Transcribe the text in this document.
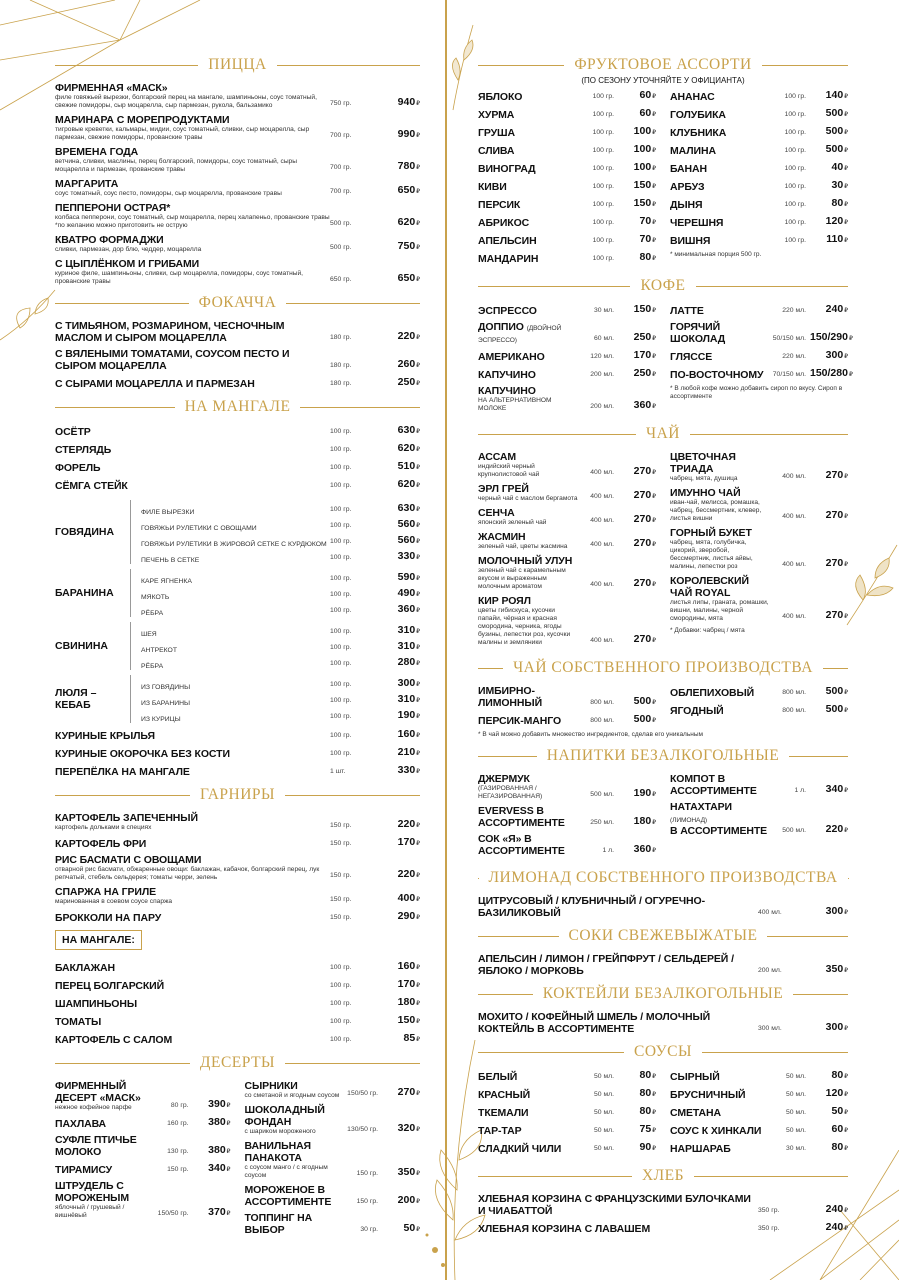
ПИЦЦА
ФИРМЕННАЯ «МАСК»
филе говяжьей вырезки, болгарский перец на мангале, шампиньоны, соус томатный, свежие помидоры, сыр моцарелла, сыр пармезан, рукола, бальзамико	750 гр.	940₽
МАРИНАРА С МОРЕПРОДУКТАМИ
тигровые креветки, кальмары, мидии, соус томатный, сливки, сыр моцарелла, сыр пармезан, свежие помидоры, прованские травы	700 гр.	990₽
ВРЕМЕНА ГОДА
ветчина, сливки, маслины, перец болгарский, помидоры, соус томатный, сыры моцарелла и пармезан, прованские травы	700 гр.	780₽
МАРГАРИТА
соус томатный, соус песто, помидоры, сыр моцарелла, прованские травы	700 гр.	650₽
ПЕППЕРОНИ ОСТРАЯ*
колбаса пепперони, соус томатный, сыр моцарелла, перец халапеньо, прованские травы *по желанию можно приготовить не острую	500 гр.	620₽
КВАТРО ФОРМАДЖИ
сливки, пармезан, дор блю, чеддер, моцарелла	500 гр.	750₽
С ЦЫПЛЁНКОМ И ГРИБАМИ
куриное филе, шампиньоны, сливки, сыр моцарелла, помидоры, соус томатный, прованские травы	650 гр.	650₽
ФОКАЧЧА
С ТИМЬЯНОМ, РОЗМАРИНОМ, ЧЕСНОЧНЫМ МАСЛОМ И СЫРОМ МОЦАРЕЛЛА	180 гр.	220₽
С ВЯЛЕНЫМИ ТОМАТАМИ, СОУСОМ ПЕСТО И СЫРОМ МОЦАРЕЛЛА	180 гр.	260₽
С СЫРАМИ МОЦАРЕЛЛА И ПАРМЕЗАН	180 гр.	250₽
НА МАНГАЛЕ
ОСЁТР	100 гр.	630₽
СТЕРЛЯДЬ	100 гр.	620₽
ФОРЕЛЬ	100 гр.	510₽
СЁМГА СТЕЙК	100 гр.	620₽
ГОВЯДИНА
ФИЛЕ ВЫРЕЗКИ	100 гр.	630₽
ГОВЯЖЬИ РУЛЕТИКИ С ОВОЩАМИ	100 гр.	560₽
ГОВЯЖЬИ РУЛЕТИКИ В ЖИРОВОЙ СЕТКЕ С КУРДЮКОМ 100 гр.	560₽
ПЕЧЕНЬ В СЕТКЕ	100 гр.	330₽
БАРАНИНА
КАРЕ ЯГНЕНКА	100 гр.	590₽
МЯКОТЬ	100 гр.	490₽
РЁБРА	100 гр.	360₽
СВИНИНА
ШЕЯ	100 гр.	310₽
АНТРЕКОТ	100 гр.	310₽
РЁБРА	100 гр.	280₽
ЛЮЛЯ – КЕБАБ
ИЗ ГОВЯДИНЫ	100 гр.	300₽
ИЗ БАРАНИНЫ	100 гр.	310₽
ИЗ КУРИЦЫ	100 гр.	190₽
КУРИНЫЕ КРЫЛЬЯ	100 гр.	160₽
КУРИНЫЕ ОКОРОЧКА БЕЗ КОСТИ	100 гр.	210₽
ПЕРЕПЁЛКА НА МАНГАЛЕ	1 шт.	330₽
ГАРНИРЫ
КАРТОФЕЛЬ ЗАПЕЧЕННЫЙ
картофель дольками в специях	150 гр.	220₽
КАРТОФЕЛЬ ФРИ	150 гр.	170₽
РИС БАСМАТИ С ОВОЩАМИ
отварной рис басмати, обжаренные овощи: баклажан, кабачок, болгарский перец, лук репчатый, стебель сельдерея; томаты черри, зелень	150 гр.	220₽
СПАРЖА НА ГРИЛЕ
маринованная в соевом соусе спаржа	150 гр.	400₽
БРОККОЛИ НА ПАРУ	150 гр.	290₽
НА МАНГАЛЕ:
БАКЛАЖАН	100 гр.	160₽
ПЕРЕЦ БОЛГАРСКИЙ	100 гр.	170₽
ШАМПИНЬОНЫ	100 гр.	180₽
ТОМАТЫ	100 гр.	150₽
КАРТОФЕЛЬ С САЛОМ	100 гр.	85₽
ДЕСЕРТЫ
ФИРМЕННЫЙ ДЕСЕРТ «МАСК»
нежное кофейное парфе	80 гр.	390₽
ПАХЛАВА	160 гр.	380₽
СУФЛЕ ПТИЧЬЕ МОЛОКО	130 гр.	380₽
ТИРАМИСУ	150 гр.	340₽
ШТРУДЕЛЬ С МОРОЖЕНЫМ
яблочный / грушевый / вишнёвый	150/50 гр.	370₽
СЫРНИКИ
со сметаной и ягодным соусом	150/50 гр.	270₽
ШОКОЛАДНЫЙ ФОНДАН
с шариком мороженого	130/50 гр.	320₽
ВАНИЛЬНАЯ ПАНАКОТА
с соусом манго / с ягодным соусом	150 гр.	350₽
МОРОЖЕНОЕ В АССОРТИМЕНТЕ	150 гр.	200₽
ТОППИНГ НА ВЫБОР	30 гр.	50₽
ФРУКТОВОЕ АССОРТИ
(ПО СЕЗОНУ УТОЧНЯЙТЕ У ОФИЦИАНТА)
ЯБЛОКО	100 гр.	60₽
ХУРМА	100 гр.	60₽
ГРУША	100 гр.	100₽
СЛИВА	100 гр.	100₽
ВИНОГРАД	100 гр.	100₽
КИВИ	100 гр.	150₽
ПЕРСИК	100 гр.	150₽
АБРИКОС	100 гр.	70₽
АПЕЛЬСИН	100 гр.	70₽
МАНДАРИН	100 гр.	80₽
АНАНАС	100 гр.	140₽
ГОЛУБИКА	100 гр.	500₽
КЛУБНИКА	100 гр.	500₽
МАЛИНА	100 гр.	500₽
БАНАН	100 гр.	40₽
АРБУЗ	100 гр.	30₽
ДЫНЯ	100 гр.	80₽
ЧЕРЕШНЯ	100 гр.	120₽
ВИШНЯ	100 гр.	110₽
* минимальная порция 500 гр.
КОФЕ
ЭСПРЕССО	30 мл.	150₽
ДОППИО (ДВОЙНОЙ ЭСПРЕССО)	60 мл.	250₽
АМЕРИКАНО	120 мл.	170₽
КАПУЧИНО	200 мл.	250₽
КАПУЧИНО
НА АЛЬТЕРНАТИВНОМ МОЛОКЕ	200 мл.	360₽
ЛАТТЕ	220 мл.	240₽
ГОРЯЧИЙ ШОКОЛАД	50/150 мл. 150/290₽
ГЛЯССЕ	220 мл.	300₽
ПО-ВОСТОЧНОМУ	70/150 мл. 150/280₽
* В любой кофе можно добавить сироп по вкусу. Сироп в ассортименте
ЧАЙ
АССАМ
индийский черный крупнолистовой чай	400 мл.	270₽
ЭРЛ ГРЕЙ
черный чай с маслом бергамота	400 мл.	270₽
СЕНЧА
японский зеленый чай	400 мл.	270₽
ЖАСМИН
зеленый чай, цветы жасмина	400 мл.	270₽
МОЛОЧНЫЙ УЛУН
зеленый чай с карамельным вкусом и выраженным молочным ароматом	400 мл.	270₽
КИР РОЯЛ
цветы гибискуса, кусочки папайи, чёрная и красная смородина, черника, ягоды бузины, лепестки роз, кусочки малины и земляники	400 мл.	270₽
ЦВЕТОЧНАЯ ТРИАДА
чабрец, мята, душица	400 мл.	270₽
ИМУННО ЧАЙ
иван-чай, мелисса, ромашка, чабрец, бессмертник, клевер, листья вишни	400 мл.	270₽
ГОРНЫЙ БУКЕТ
чабрец, мята, голубичка, цикорий, зверобой, бессмертник, листья айвы, малины, лепестки роз	400 мл.	270₽
КОРОЛЕВСКИЙ ЧАЙ ROYAL
листья липы, граната, ромашки, вишни, малины, черной смородины, мята	400 мл.	270₽
* Добавки: чабрец / мята
ЧАЙ СОБСТВЕННОГО ПРОИЗВОДСТВА
ИМБИРНО-ЛИМОННЫЙ	800 мл.	500₽
ПЕРСИК-МАНГО	800 мл.	500₽
ОБЛЕПИХОВЫЙ	800 мл.	500₽
ЯГОДНЫЙ	800 мл.	500₽
* В чай можно добавить множество ингредиентов, сделав его уникальным
НАПИТКИ БЕЗАЛКОГОЛЬНЫЕ
ДЖЕРМУК
(ГАЗИРОВАННАЯ / НЕГАЗИРОВАННАЯ)	500 мл.	190₽
EVERVESS В АССОРТИМЕНТЕ	250 мл.	180₽
СОК «Я» В АССОРТИМЕНТЕ	1 л.	360₽
КОМПОТ В АССОРТИМЕНТЕ	1 л.	340₽
НАТАХТАРИ (ЛИМОНАД)
В АССОРТИМЕНТЕ	500 мл.	220₽
ЛИМОНАД СОБСТВЕННОГО ПРОИЗВОДСТВА
ЦИТРУСОВЫЙ / КЛУБНИЧНЫЙ / ОГУРЕЧНО-БАЗИЛИКОВЫЙ	400 мл.	300₽
СОКИ СВЕЖЕВЫЖАТЫЕ
АПЕЛЬСИН / ЛИМОН / ГРЕЙПФРУТ / СЕЛЬДЕРЕЙ / ЯБЛОКО / МОРКОВЬ	200 мл.	350₽
КОКТЕЙЛИ БЕЗАЛКОГОЛЬНЫЕ
МОХИТО / КОФЕЙНЫЙ ШМЕЛЬ / МОЛОЧНЫЙ КОКТЕЙЛЬ В АССОРТИМЕНТЕ	300 мл.	300₽
СОУСЫ
БЕЛЫЙ	50 мл.	80₽
КРАСНЫЙ	50 мл.	80₽
ТКЕМАЛИ	50 мл.	80₽
ТАР-ТАР	50 мл.	75₽
СЛАДКИЙ ЧИЛИ	50 мл.	90₽
СЫРНЫЙ	50 мл.	80₽
БРУСНИЧНЫЙ	50 мл.	120₽
СМЕТАНА	50 мл.	50₽
СОУС К ХИНКАЛИ	50 мл.	60₽
НАРШАРАБ	30 мл.	80₽
ХЛЕБ
ХЛЕБНАЯ КОРЗИНА С ФРАНЦУЗСКИМИ БУЛОЧКАМИ И ЧИАБАТТОЙ	350 гр.	240₽
ХЛЕБНАЯ КОРЗИНА С ЛАВАШЕМ	350 гр.	240₽
